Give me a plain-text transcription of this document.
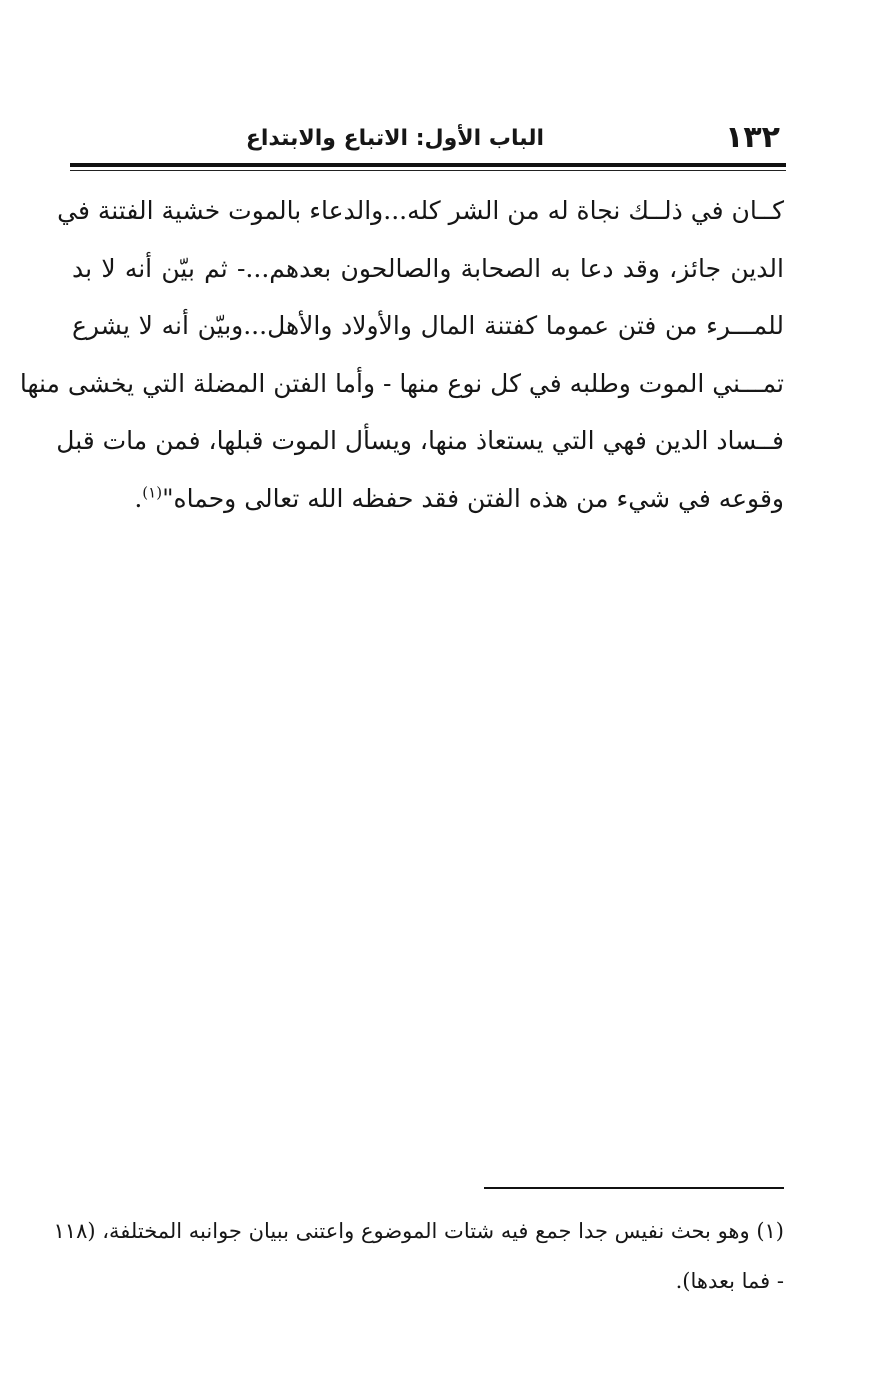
١٣٢
الباب الأول: الاتباع والابتداع
كــان في ذلــك نجاة له من الشر كله...والدعاء بالموت خشية الفتنة في
الدين جائز، وقد دعا به الصحابة والصالحون بعدهم...- ثم بيّن أنه لا بد
للمـــرء من فتن عموما كفتنة المال والأولاد والأهل...وبيّن أنه لا يشرع
تمـــني الموت وطلبه في كل نوع منها - وأما الفتن المضلة التي يخشى منها
فــساد الدين فهي التي يستعاذ منها، ويسأل الموت قبلها، فمن مات قبل
وقوعه في شيء من هذه الفتن فقد حفظه الله تعالى وحماه"$^{(١)}$.
(١) وهو بحث نفيس جدا جمع فيه شتات الموضوع واعتنى ببيان جوانبه المختلفة، (١١٨
- فما بعدها).
